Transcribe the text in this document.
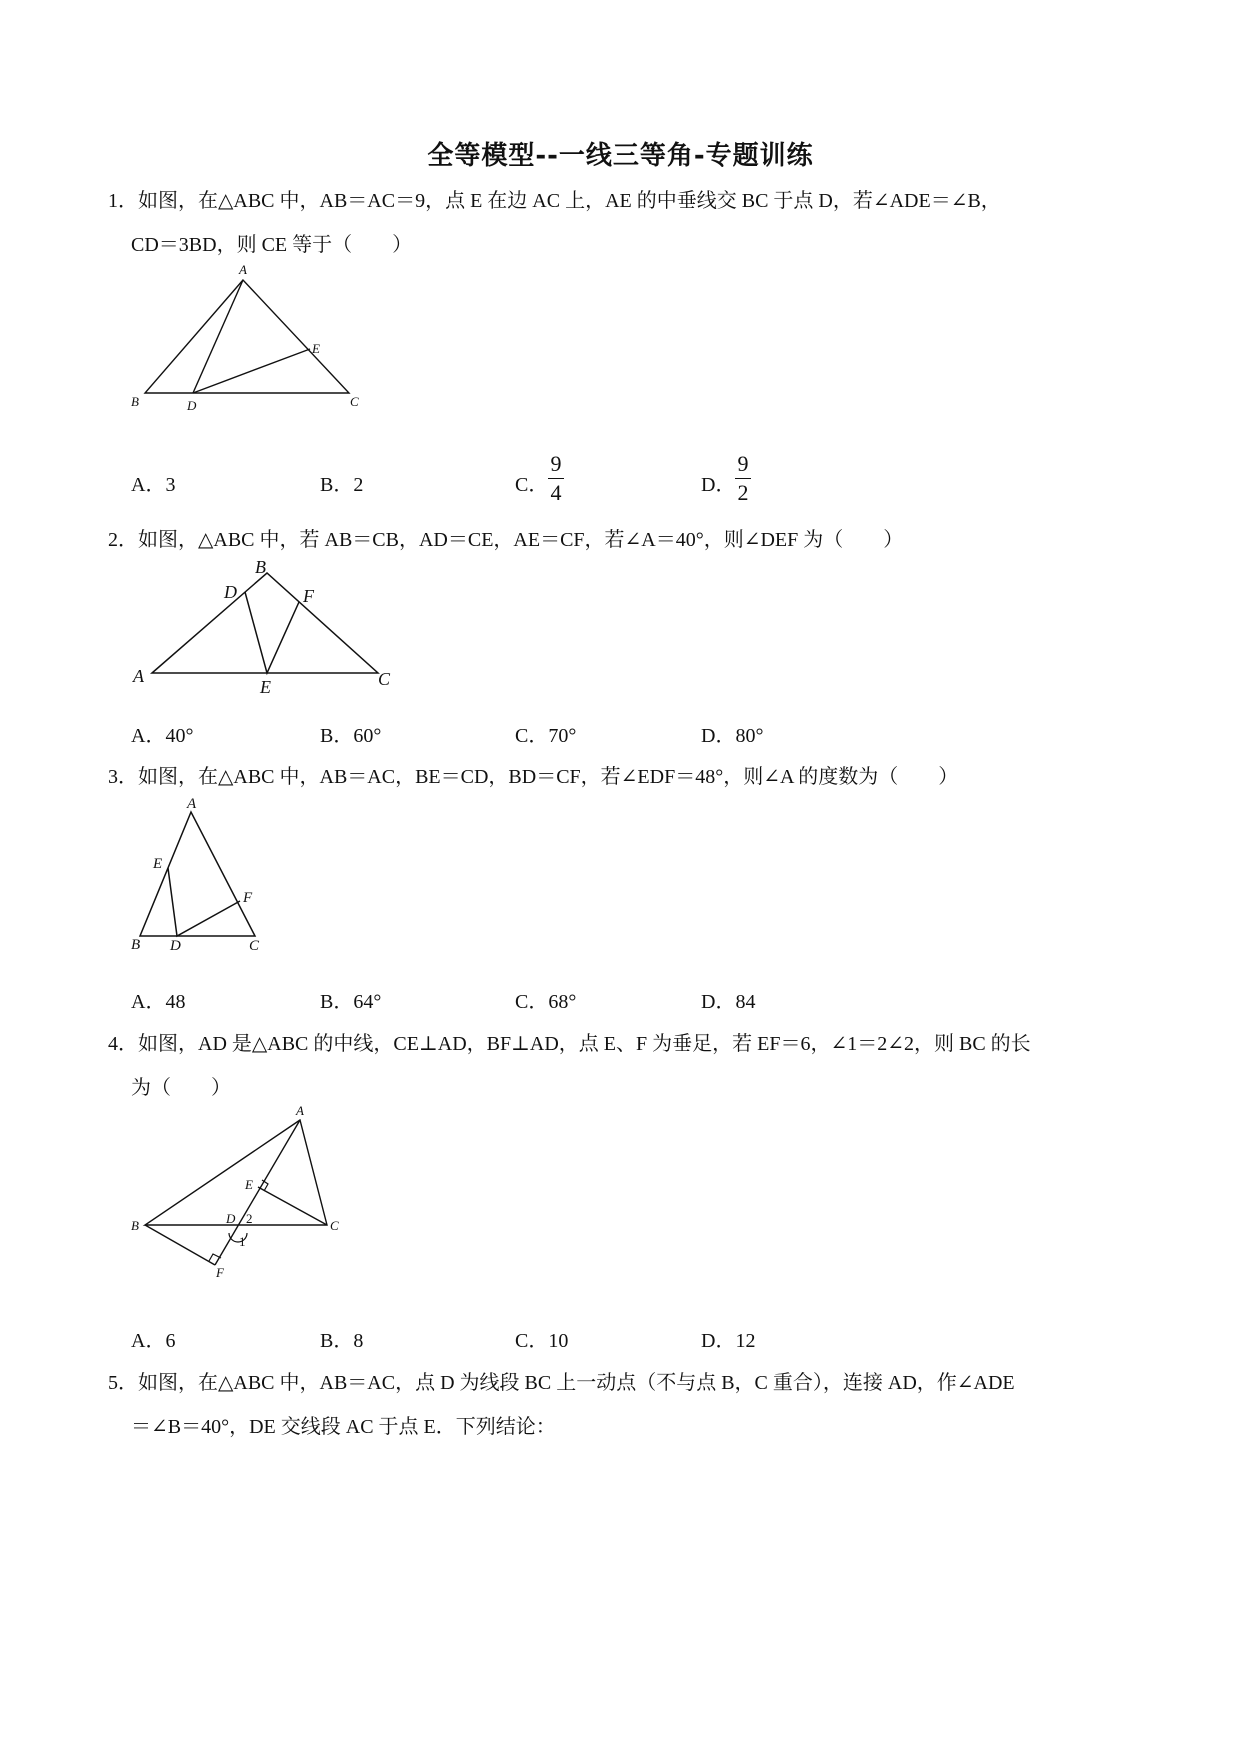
全等模型--一线三等角-专题训练
1．如图，在△ABC 中，AB＝AC＝9，点 E 在边 AC 上，AE 的中垂线交 BC 于点 D，若∠ADE＝∠B，
CD＝3BD，则 CE 等于（　　）
A
B	D	C
E
A．3	B．2	C．
9
4	D．
9
2
2．如图，△ABC 中，若 AB＝CB，AD＝CE，AE＝CF，若∠A＝40°，则∠DEF 为（　　）
A
B
C
D
E
F
A．40°	B．60°	C．70°	D．80°
3．如图，在△ABC 中，AB＝AC，BE＝CD，BD＝CF，若∠EDF＝48°，则∠A 的度数为（　　）
A
E
F
B D	C
A．48	B．64°	C．68°	D．84
4．如图，AD 是△ABC 的中线，CE⊥AD，BF⊥AD，点 E、F 为垂足，若 EF＝6，∠1＝2∠2，则 BC 的长
为（　　）
A
E
B	D 2
1
C
F
A．6	B．8	C．10	D．12
5．如图，在△ABC 中，AB＝AC，点 D 为线段 BC 上一动点（不与点 B，C 重合），连接 AD，作∠ADE
＝∠B＝40°，DE 交线段 AC 于点 E．下列结论：
